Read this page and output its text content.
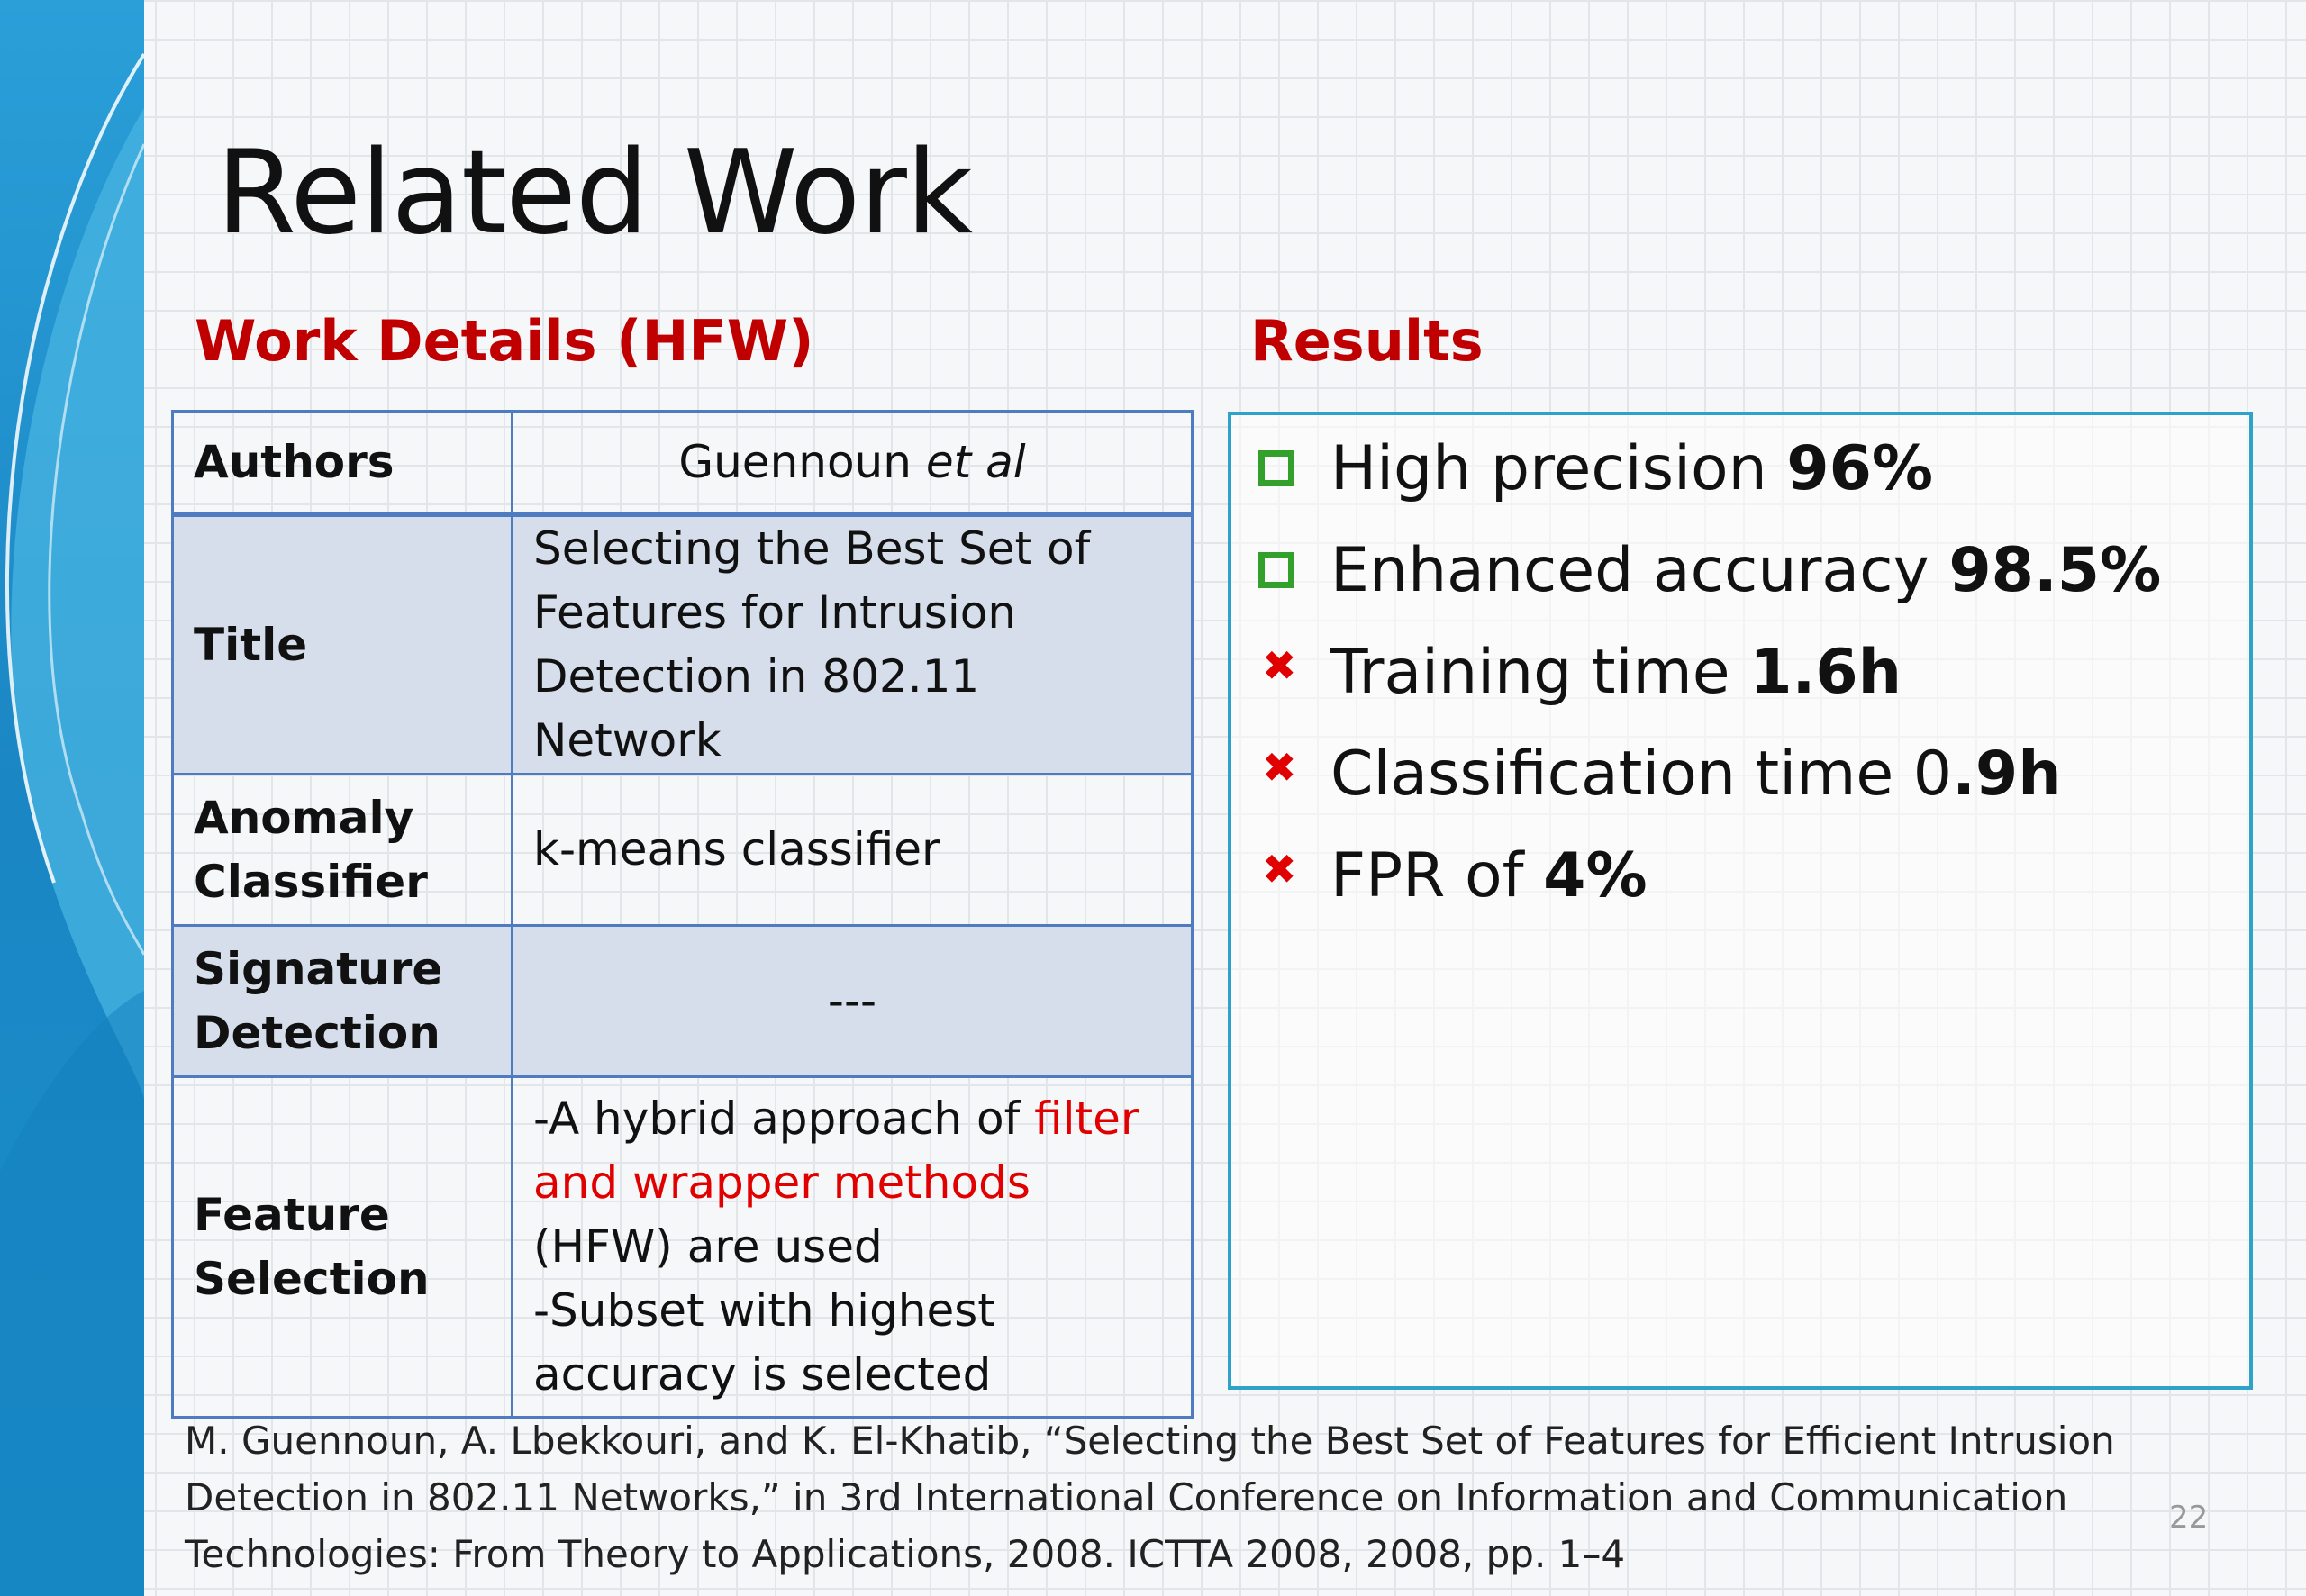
Related Work
Work Details (HFW)	Results
Authors	Guennoun et al
Title	Selecting the Best Set of Features for Intrusion Detection in 802.11 Network
Anomaly Classifier	k-means classifier
Signature Detection	---
Feature Selection	-A hybrid approach of filter and wrapper methods (HFW) are used
-Subset with highest accuracy is selected
High precision 96%
Enhanced accuracy 98.5%
✖ Training time 1.6h
✖ Classification time 0.9h
✖ FPR of 4%
M. Guennoun, A. Lbekkouri, and K. El-Khatib, “Selecting the Best Set of Features for Efficient Intrusion Detection in 802.11 Networks,” in 3rd International Conference on Information and Communication Technologies: From Theory to Applications, 2008. ICTTA 2008, 2008, pp. 1–4
22
